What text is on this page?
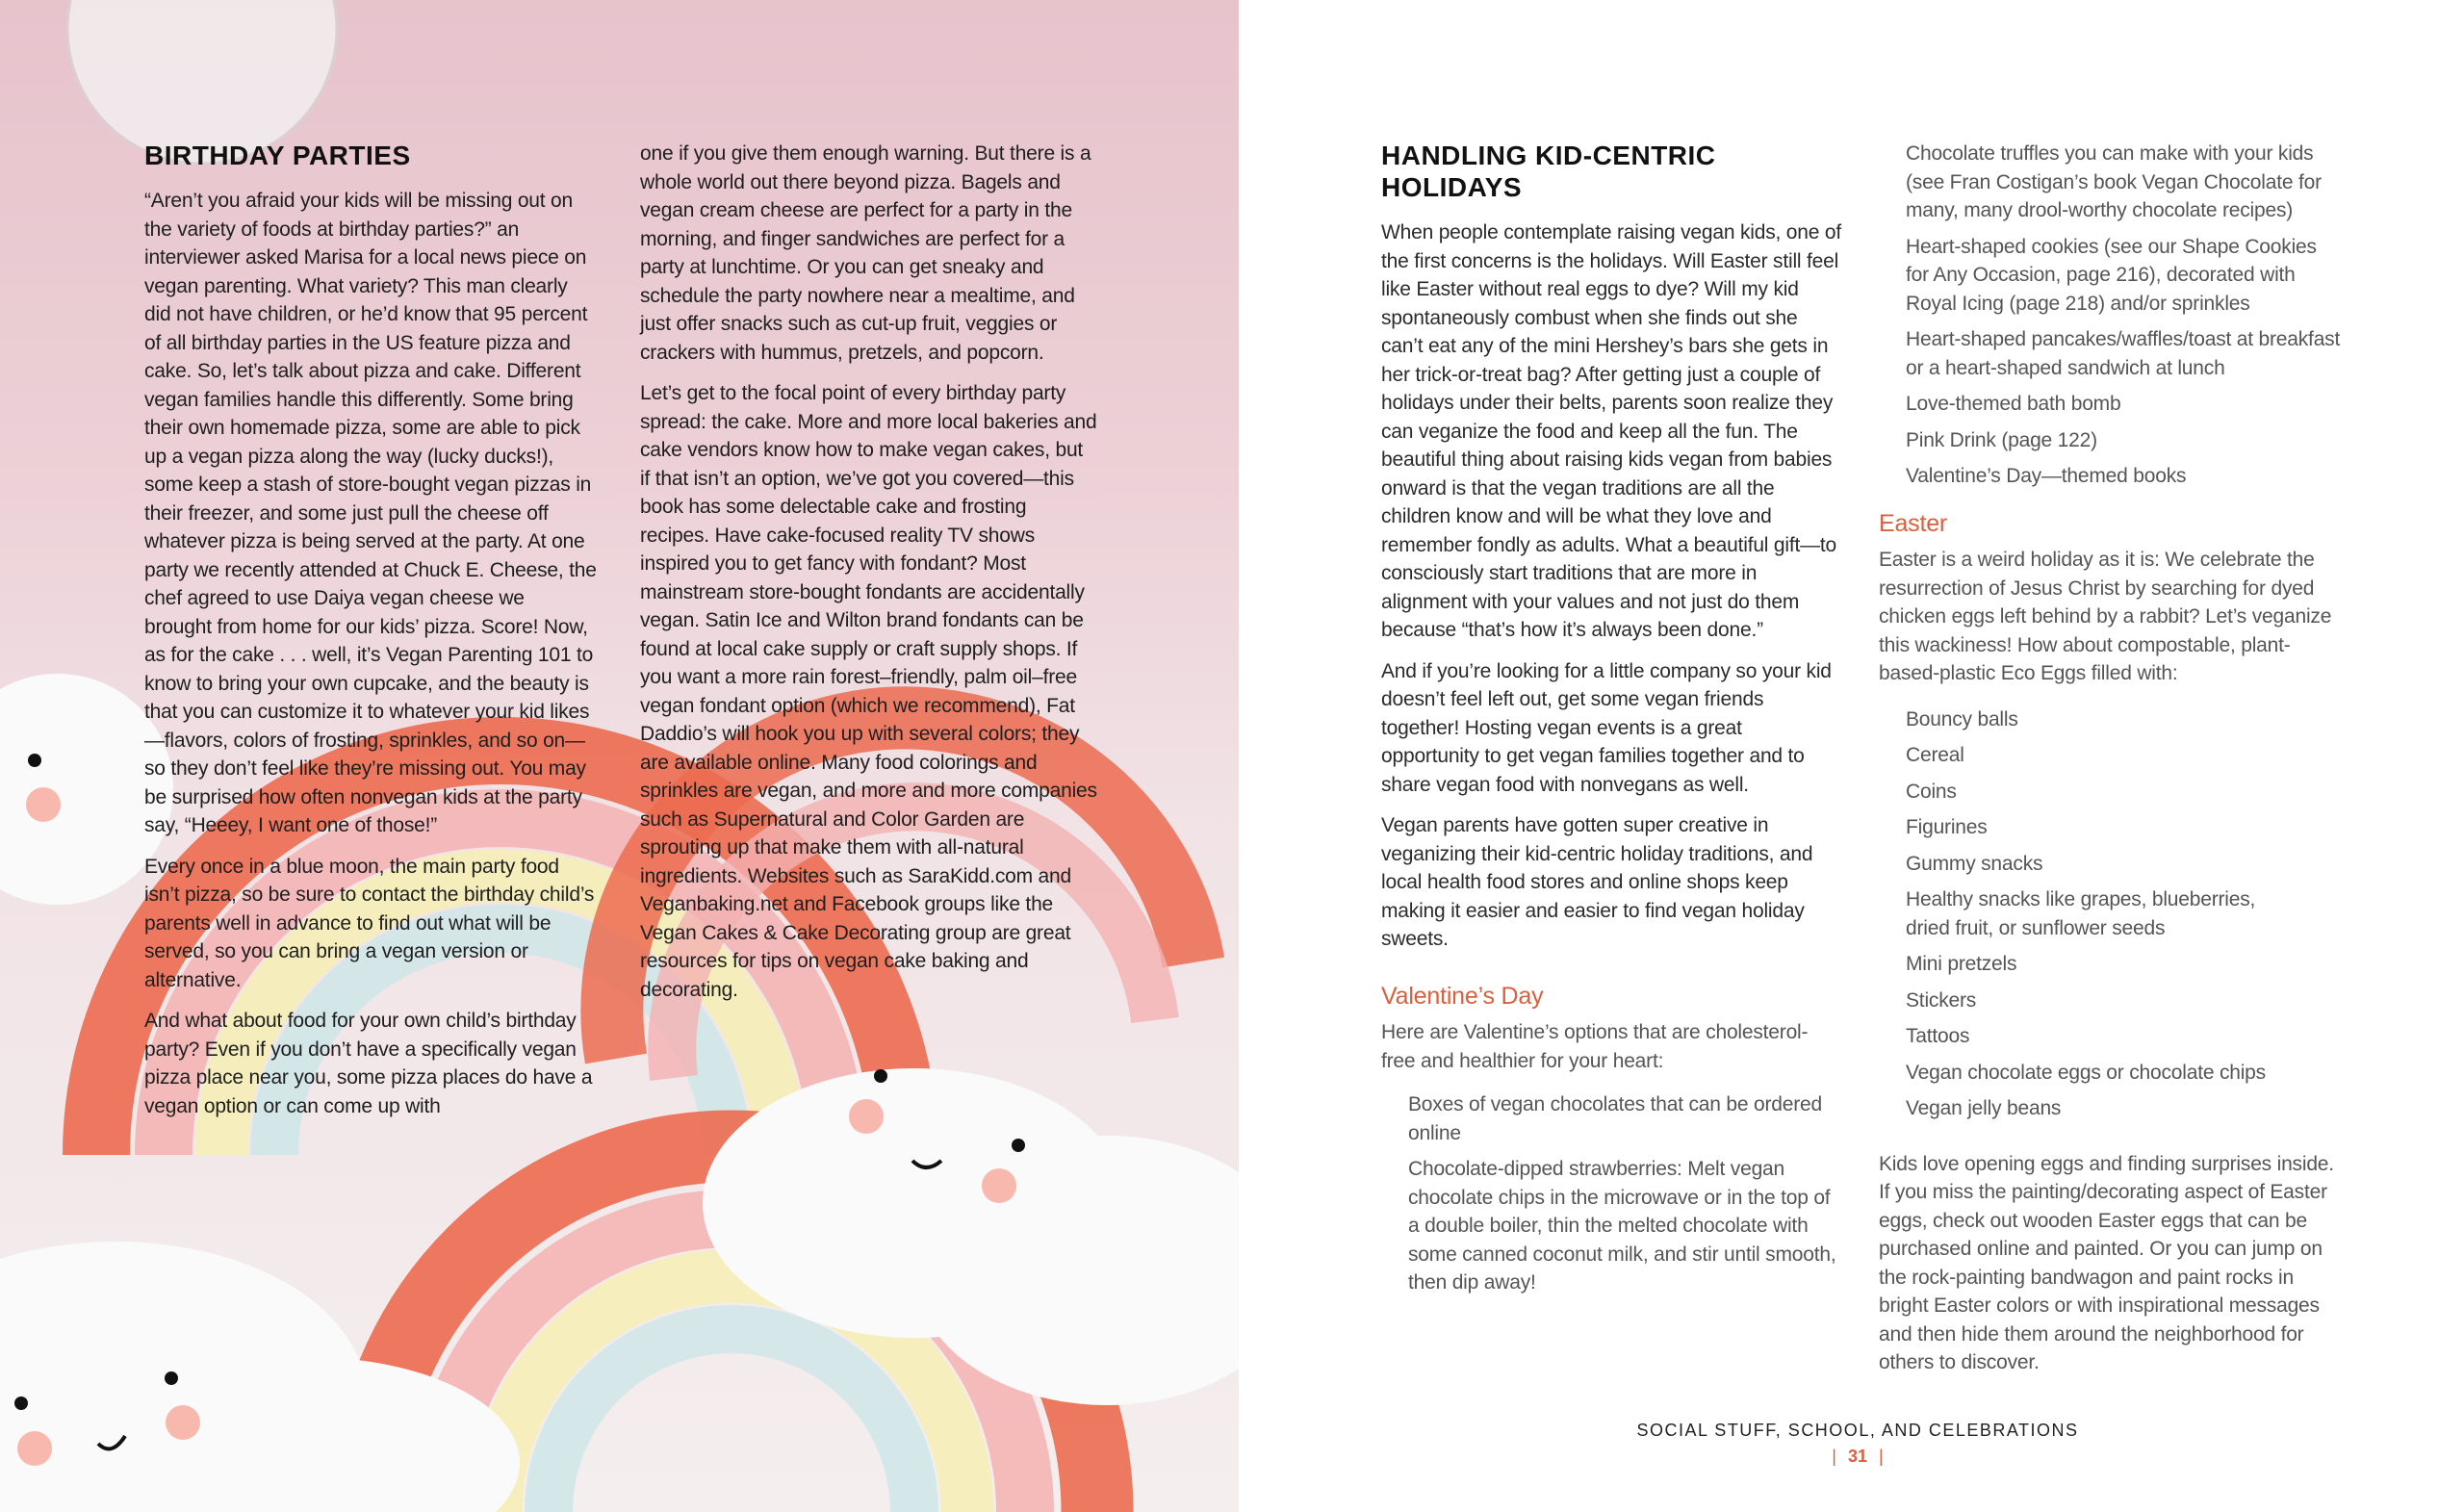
BIRTHDAY PARTIES

“Aren’t you afraid your kids will be missing out on the variety of foods at birthday parties?” an interviewer asked Marisa for a local news piece on vegan parenting. What variety? This man clearly did not have children, or he’d know that 95 percent of all birthday parties in the US feature pizza and cake. So, let’s talk about pizza and cake. Different vegan families handle this differently. Some bring their own homemade pizza, some are able to pick up a vegan pizza along the way (lucky ducks!), some keep a stash of store-bought vegan pizzas in their freezer, and some just pull the cheese off whatever pizza is being served at the party. At one party we recently attended at Chuck E. Cheese, the chef agreed to use Daiya vegan cheese we brought from home for our kids’ pizza. Score! Now, as for the cake . . . well, it’s Vegan Parenting 101 to know to bring your own cupcake, and the beauty is that you can customize it to whatever your kid likes—flavors, colors of frosting, sprinkles, and so on—so they don’t feel like they’re missing out. You may be surprised how often nonvegan kids at the party say, “Heeey, I want one of those!”

Every once in a blue moon, the main party food isn’t pizza, so be sure to contact the birthday child’s parents well in advance to find out what will be served, so you can bring a vegan version or alternative.

And what about food for your own child’s birthday party? Even if you don’t have a specifically vegan pizza place near you, some pizza places do have a vegan option or can come up with

one if you give them enough warning. But there is a whole world out there beyond pizza. Bagels and vegan cream cheese are perfect for a party in the morning, and finger sandwiches are perfect for a party at lunchtime. Or you can get sneaky and schedule the party nowhere near a mealtime, and just offer snacks such as cut-up fruit, veggies or crackers with hummus, pretzels, and popcorn.

Let’s get to the focal point of every birthday party spread: the cake. More and more local bakeries and cake vendors know how to make vegan cakes, but if that isn’t an option, we’ve got you covered—this book has some delectable cake and frosting recipes. Have cake-focused reality TV shows inspired you to get fancy with fondant? Most mainstream store-bought fondants are accidentally vegan. Satin Ice and Wilton brand fondants can be found at local cake supply or craft supply shops. If you want a more rain forest–friendly, palm oil–free vegan fondant option (which we recommend), Fat Daddio’s will hook you up with several colors; they are available online. Many food colorings and sprinkles are vegan, and more and more companies such as Supernatural and Color Garden are sprouting up that make them with all-natural ingredients. Websites such as SaraKidd.com and Veganbaking.net and Facebook groups like the Vegan Cakes & Cake Decorating group are great resources for tips on vegan cake baking and decorating.

HANDLING KID-CENTRIC HOLIDAYS

When people contemplate raising vegan kids, one of the first concerns is the holidays. Will Easter still feel like Easter without real eggs to dye? Will my kid spontaneously combust when she finds out she can’t eat any of the mini Hershey’s bars she gets in her trick-or-treat bag? After getting just a couple of holidays under their belts, parents soon realize they can veganize the food and keep all the fun. The beautiful thing about raising kids vegan from babies onward is that the vegan traditions are all the children know and will be what they love and remember fondly as adults. What a beautiful gift—to consciously start traditions that are more in alignment with your values and not just do them because “that’s how it’s always been done.”

And if you’re looking for a little company so your kid doesn’t feel left out, get some vegan friends together! Hosting vegan events is a great opportunity to get vegan families together and to share vegan food with nonvegans as well.

Vegan parents have gotten super creative in veganizing their kid-centric holiday traditions, and local health food stores and online shops keep making it easier and easier to find vegan holiday sweets.

Valentine’s Day

Here are Valentine’s options that are cholesterol-free and healthier for your heart:

Boxes of vegan chocolates that can be ordered online
Chocolate-dipped strawberries: Melt vegan chocolate chips in the microwave or in the top of a double boiler, thin the melted chocolate with some canned coconut milk, and stir until smooth, then dip away!
Chocolate truffles you can make with your kids (see Fran Costigan’s book Vegan Chocolate for many, many drool-worthy chocolate recipes)
Heart-shaped cookies (see our Shape Cookies for Any Occasion, page 216), decorated with Royal Icing (page 218) and/or sprinkles
Heart-shaped pancakes/waffles/toast at breakfast or a heart-shaped sandwich at lunch
Love-themed bath bomb
Pink Drink (page 122)
Valentine’s Day—themed books
Easter

Easter is a weird holiday as it is: We celebrate the resurrection of Jesus Christ by searching for dyed chicken eggs left behind by a rabbit? Let’s veganize this wackiness! How about compostable, plant-based-plastic Eco Eggs filled with:

Bouncy balls
Cereal
Coins
Figurines
Gummy snacks
Healthy snacks like grapes, blueberries, dried fruit, or sunflower seeds
Mini pretzels
Stickers
Tattoos
Vegan chocolate eggs or chocolate chips
Vegan jelly beans

Kids love opening eggs and finding surprises inside. If you miss the painting/decorating aspect of Easter eggs, check out wooden Easter eggs that can be purchased online and painted. Or you can jump on the rock-painting bandwagon and paint rocks in bright Easter colors or with inspirational messages and then hide them around the neighborhood for others to discover.

SOCIAL STUFF, SCHOOL, AND CELEBRATIONS
| 31 |
